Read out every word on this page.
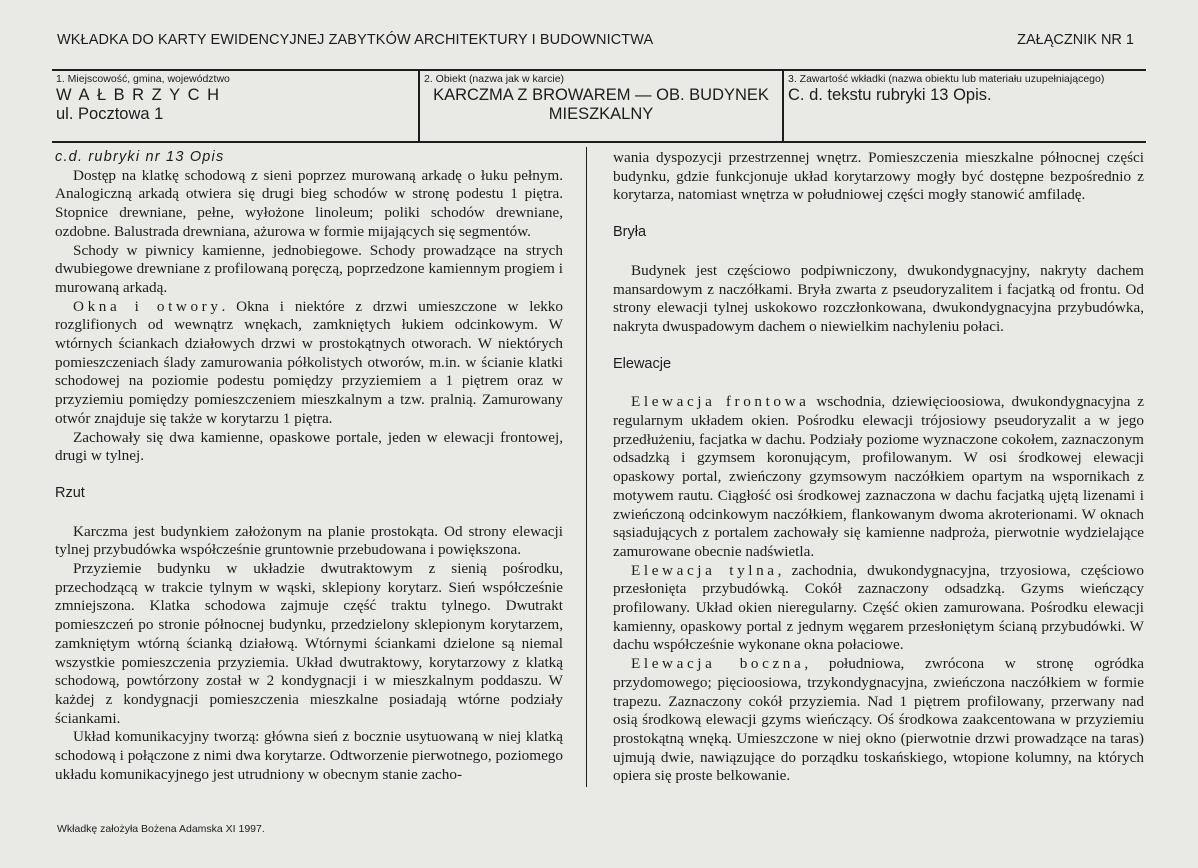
WKŁADKA DO KARTY EWIDENCYJNEJ ZABYTKÓW ARCHITEKTURY I BUDOWNICTWA	ZAŁĄCZNIK NR 1
1. Miejscowość, gmina, województwo
WAŁBRZYCH
ul. Pocztowa 1
2. Obiekt (nazwa jak w karcie)
KARCZMA Z BROWAREM — OB. BUDYNEK
MIESZKALNY
3. Zawartość wkładki (nazwa obiektu lub materiału uzupełniającego)
C. d. tekstu rubryki 13 Opis.

c.d. rubryki nr 13 Opis

Dostęp na klatkę schodową z sieni poprzez murowaną arkadę o łuku pełnym. Analogiczną arkadą otwiera się drugi bieg schodów w stronę podestu 1 piętra. Stopnice drewniane, pełne, wyłożone linoleum; poliki schodów drewniane, ozdobne. Balustrada drewniana, ażurowa w formie mijających się segmentów.

Schody w piwnicy kamienne, jednobiegowe. Schody prowadzące na strych dwubiegowe drewniane z profilowaną poręczą, poprzedzone kamiennym progiem i murowaną arkadą.

Okna i otwory. Okna i niektóre z drzwi umieszczone w lekko rozglifionych od wewnątrz wnękach, zamkniętych łukiem odcinkowym. W wtórnych ściankach działowych drzwi w prostokątnych otworach. W niektórych pomieszczeniach ślady zamurowania półkolistych otworów, m.in. w ścianie klatki schodowej na poziomie podestu pomiędzy przyziemiem a 1 piętrem oraz w przyziemiu pomiędzy pomieszczeniem mieszkalnym a tzw. pralnią. Zamurowany otwór znajduje się także w korytarzu 1 piętra.

Zachowały się dwa kamienne, opaskowe portale, jeden w elewacji frontowej, drugi w tylnej.

Rzut

Karczma jest budynkiem założonym na planie prostokąta. Od strony elewacji tylnej przybudówka współcześnie gruntownie przebudowana i powiększona.

Przyziemie budynku w układzie dwutraktowym z sienią pośrodku, przechodzącą w trakcie tylnym w wąski, sklepiony korytarz. Sień współcześnie zmniejszona. Klatka schodowa zajmuje część traktu tylnego. Dwutrakt pomieszczeń po stronie północnej budynku, przedzielony sklepionym korytarzem, zamkniętym wtórną ścianką działową. Wtórnymi ściankami dzielone są niemal wszystkie pomieszczenia przyziemia. Układ dwutraktowy, korytarzowy z klatką schodową, powtórzony został w 2 kondygnacji i w mieszkalnym poddaszu. W każdej z kondygnacji pomieszczenia mieszkalne posiadają wtórne podziały ściankami.

Układ komunikacyjny tworzą: główna sień z bocznie usytuowaną w niej klatką schodową i połączone z nimi dwa korytarze. Odtworzenie pierwotnego, poziomego układu komunikacyjnego jest utrudniony w obecnym stanie zacho-

wania dyspozycji przestrzennej wnętrz. Pomieszczenia mieszkalne północnej części budynku, gdzie funkcjonuje układ korytarzowy mogły być dostępne bezpośrednio z korytarza, natomiast wnętrza w południowej części mogły stanowić amfiladę.

Bryła

Budynek jest częściowo podpiwniczony, dwukondygnacyjny, nakryty dachem mansardowym z naczółkami. Bryła zwarta z pseudoryzalitem i facjatką od frontu. Od strony elewacji tylnej uskokowo rozczłonkowana, dwukondygnacyjna przybudówka, nakryta dwuspadowym dachem o niewielkim nachyleniu połaci.

Elewacje

Elewacja frontowa wschodnia, dziewięcioosiowa, dwukondygnacyjna z regularnym układem okien. Pośrodku elewacji trójosiowy pseudoryzalit a w jego przedłużeniu, facjatka w dachu. Podziały poziome wyznaczone cokołem, zaznaczonym odsadzką i gzymsem koronującym, profilowanym. W osi środkowej elewacji opaskowy portal, zwieńczony gzymsowym naczółkiem opartym na wspornikach z motywem rautu. Ciągłość osi środkowej zaznaczona w dachu facjatką ujętą lizenami i zwieńczoną odcinkowym naczółkiem, flankowanym dwoma akroterionami. W oknach sąsiadujących z portalem zachowały się kamienne nadproża, pierwotnie wydzielające zamurowane obecnie nadświetla.

Elewacja tylna, zachodnia, dwukondygnacyjna, trzyosiowa, częściowo przesłonięta przybudówką. Cokół zaznaczony odsadzką. Gzyms wieńczący profilowany. Układ okien nieregularny. Część okien zamurowana. Pośrodku elewacji kamienny, opaskowy portal z jednym węgarem przesłoniętym ścianą przybudówki. W dachu współcześnie wykonane okna połaciowe.

Elewacja boczna, południowa, zwrócona w stronę ogródka przydomowego; pięcioosiowa, trzykondygnacyjna, zwieńczona naczółkiem w formie trapezu. Zaznaczony cokół przyziemia. Nad 1 piętrem profilowany, przerwany nad osią środkową elewacji gzyms wieńczący. Oś środkowa zaakcentowana w przyziemiu prostokątną wnęką. Umieszczone w niej okno (pierwotnie drzwi prowadzące na taras) ujmują dwie, nawiązujące do porządku toskańskiego, wtopione kolumny, na których opiera się proste belkowanie.

Wkładkę założyła Bożena Adamska XI 1997.
